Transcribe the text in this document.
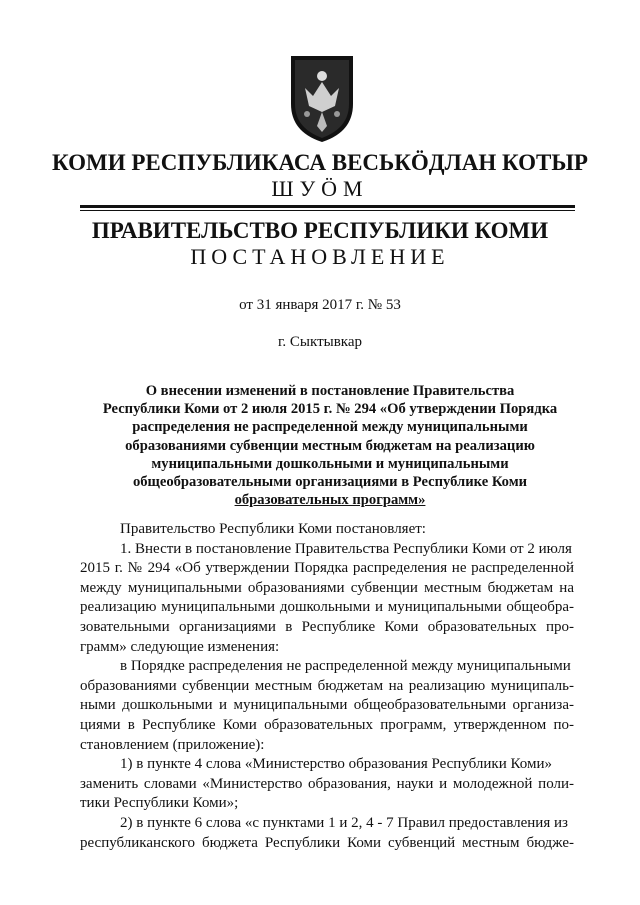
КОМИ РЕСПУБЛИКАСА ВЕСЬКӦДЛАН КОТЫР
ШУӦМ
ПРАВИТЕЛЬСТВО РЕСПУБЛИКИ КОМИ
ПОСТАНОВЛЕНИЕ
от 31 января 2017 г. № 53
г. Сыктывкар
О внесении изменений в постановление Правительства
Республики Коми от 2 июля 2015 г. № 294 «Об утверждении Порядка
распределения не распределенной между муниципальными
образованиями субвенции местным бюджетам на реализацию
муниципальными дошкольными и муниципальными
общеобразовательными организациями в Республике Коми
образовательных программ»
Правительство Республики Коми постановляет:
1. Внести в постановление Правительства Республики Коми от 2 июля
2015 г. № 294 «Об утверждении Порядка распределения не распределенной
между муниципальными образованиями субвенции местным бюджетам на
реализацию муниципальными дошкольными и муниципальными общеобра-
зовательными организациями в Республике Коми образовательных про-
грамм» следующие изменения:
в Порядке распределения не распределенной между муниципальными
образованиями субвенции местным бюджетам на реализацию муниципаль-
ными дошкольными и муниципальными общеобразовательными организа-
циями в Республике Коми образовательных программ, утвержденном по-
становлением (приложение):
1) в пункте 4 слова «Министерство образования Республики Коми»
заменить словами «Министерство образования, науки и молодежной поли-
тики Республики Коми»;
2) в пункте 6 слова «с пунктами 1 и 2, 4 - 7 Правил предоставления из
республиканского бюджета Республики Коми субвенций местным бюдже-
